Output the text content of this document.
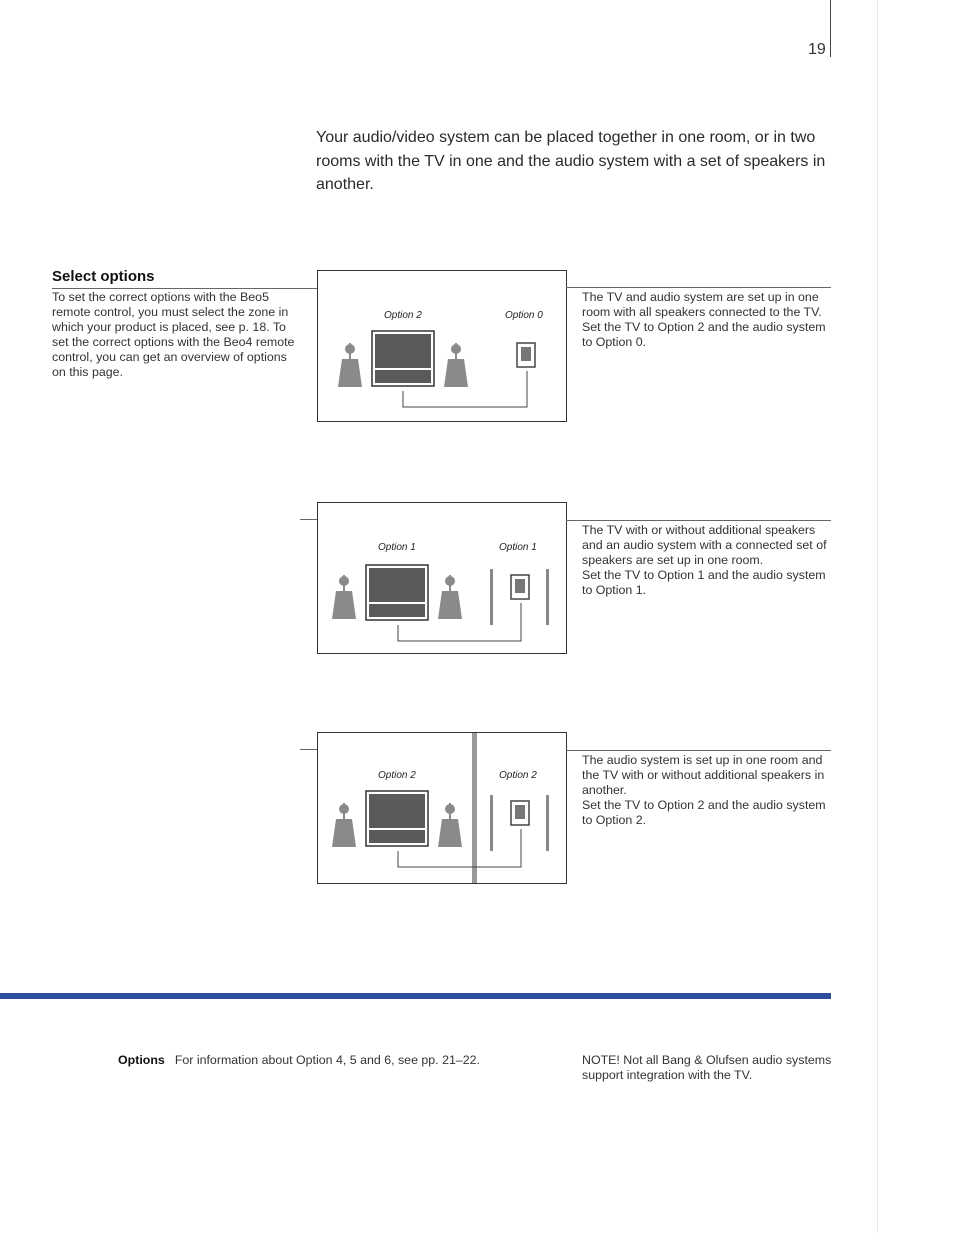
19
Your audio/video system can be placed together in one room, or in two rooms with the TV in one and the audio system with a set of speakers in another.
Select options
To set the correct options with the Beo5 remote control, you must select the zone in which your product is placed, see p. 18. To set the correct options with the Beo4 remote control, you can get an overview of options on this page.
Option 2	Option 0
The TV and audio system are set up in one room with all speakers connected to the TV.
Set the TV to Option 2 and the audio system to Option 0.
Option 1	Option 1
The TV with or without additional speakers and an audio system with a connected set of speakers are set up in one room.
Set the TV to Option 1 and the audio system to Option 1.
Option 2	Option 2
The audio system is set up in one room and the TV with or without additional speakers in another.
Set the TV to Option 2 and the audio system to Option 2.
Options For information about Option 4, 5 and 6, see pp. 21–22.	NOTE! Not all Bang & Olufsen audio systems support integration with the TV.
